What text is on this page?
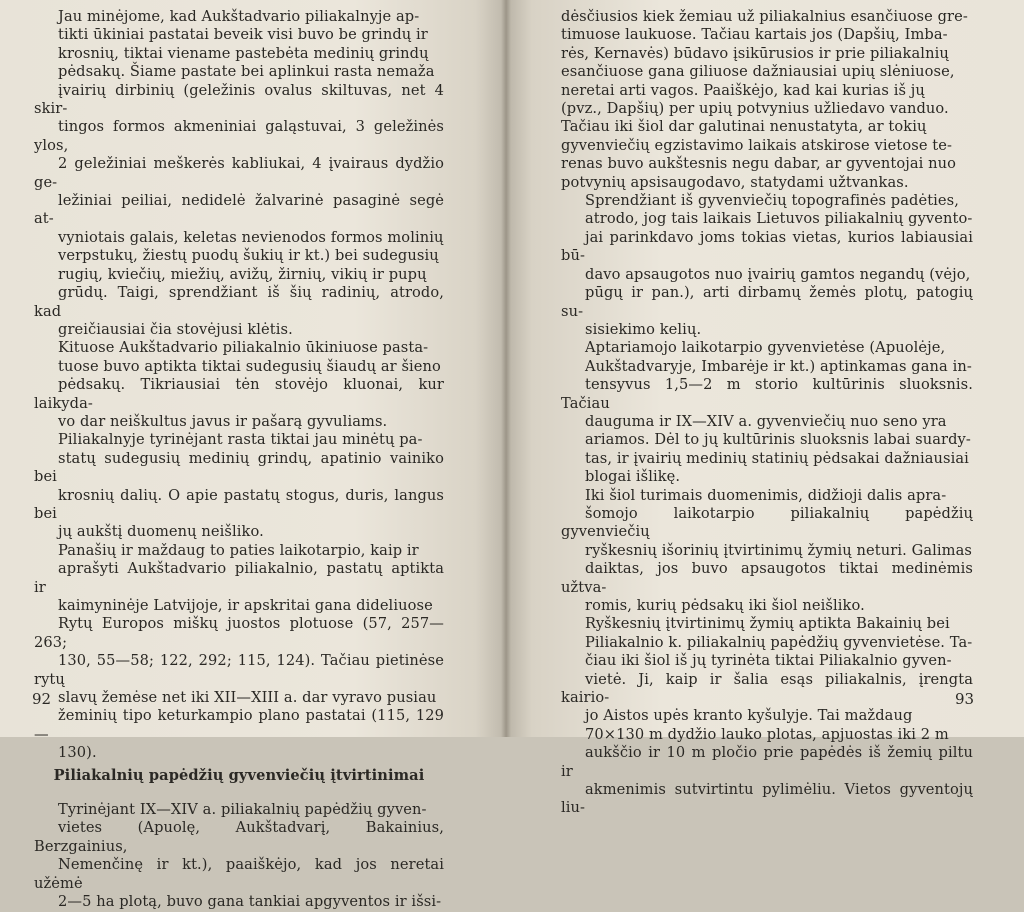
Jau minėjome, kad Aukštadvario piliakalnyje ap-
tikti ūkiniai pastatai beveik visi buvo be grindų ir
krosnių, tiktai viename pastebėta medinių grindų
pėdsakų. Šiame pastate bei aplinkui rasta nemaža
įvairių dirbinių (geležinis ovalus skiltuvas, net 4 skir-
tingos formos akmeniniai galąstuvai, 3 geležinės ylos,
2 geležiniai meškerės kabliukai, 4 įvairaus dydžio ge-
ležiniai peiliai, nedidelė žalvarinė pasaginė segė at-
vyniotais galais, keletas nevienodos formos molinių
verpstukų, žiestų puodų šukių ir kt.) bei sudegusių
rugių, kviečių, miežių, avižų, žirnių, vikių ir pupų
grūdų. Taigi, sprendžiant iš šių radinių, atrodo, kad
greičiausiai čia stovėjusi klėtis.

Kituose Aukštadvario piliakalnio ūkiniuose pasta-
tuose buvo aptikta tiktai sudegusių šiaudų ar šieno
pėdsakų. Tikriausiai tėn stovėjo kluonai, kur laikyda-
vo dar neiškultus javus ir pašarą gyvuliams.

Piliakalnyje tyrinėjant rasta tiktai jau minėtų pa-
statų sudegusių medinių grindų, apatinio vainiko bei
krosnių dalių. O apie pastatų stogus, duris, langus bei
jų aukštį duomenų neišliko.

Panašių ir maždaug to paties laikotarpio, kaip ir
aprašyti Aukštadvario piliakalnio, pastatų aptikta ir
kaimyninėje Latvijoje, ir apskritai gana dideliuose
Rytų Europos miškų juostos plotuose (57, 257—263;
130, 55—58; 122, 292; 115, 124). Tačiau pietinėse rytų
slavų žemėse net iki XII—XIII a. dar vyravo pusiau
žeminių tipo keturkampio plano pastatai (115, 129—
130).

Piliakalnių papėdžių gyvenviečių įtvirtinimai

Tyrinėjant IX—XIV a. piliakalnių papėdžių gyven-
vietes (Apuolę, Aukštadvarį, Bakainius, Berzgainius,
Nemenčinę ir kt.), paaiškėjo, kad jos neretai užėmė
2—5 ha plotą, buvo gana tankiai apgyventos ir išsi-

92

dėsčiusios kiek žemiau už piliakalnius esančiuose gre-
timuose laukuose. Tačiau kartais jos (Dapšių, Imba-
rės, Kernavės) būdavo įsikūrusios ir prie piliakalnių
esančiuose gana giliuose dažniausiai upių slėniuose,
neretai arti vagos. Paaiškėjo, kad kai kurias iš jų
(pvz., Dapšių) per upių potvynius užliedavo vanduo.
Tačiau iki šiol dar galutinai nenustatyta, ar tokių
gyvenviečių egzistavimo laikais atskirose vietose te-
renas buvo aukštesnis negu dabar, ar gyventojai nuo
potvynių apsisaugodavo, statydami užtvankas.

Sprendžiant iš gyvenviečių topografinės padėties,
atrodo, jog tais laikais Lietuvos piliakalnių gyvento-
jai parinkdavo joms tokias vietas, kurios labiausiai bū-
davo apsaugotos nuo įvairių gamtos negandų (vėjo,
pūgų ir pan.), arti dirbamų žemės plotų, patogių su-
sisiekimo kelių.

Aptariamojo laikotarpio gyvenvietėse (Apuolėje,
Aukštadvaryje, Imbarėje ir kt.) aptinkamas gana in-
tensyvus 1,5—2 m storio kultūrinis sluoksnis. Tačiau
dauguma ir IX—XIV a. gyvenviečių nuo seno yra
ariamos. Dėl to jų kultūrinis sluoksnis labai suardy-
tas, ir įvairių medinių statinių pėdsakai dažniausiai
blogai išlikę.

Iki šiol turimais duomenimis, didžioji dalis apra-
šomojo laikotarpio piliakalnių papėdžių gyvenviečių
ryškesnių išorinių įtvirtinimų žymių neturi. Galimas
daiktas, jos buvo apsaugotos tiktai medinėmis užtva-
romis, kurių pėdsakų iki šiol neišliko.

Ryškesnių įtvirtinimų žymių aptikta Bakainių bei
Piliakalnio k. piliakalnių papėdžių gyvenvietėse. Ta-
čiau iki šiol iš jų tyrinėta tiktai Piliakalnio gyven-
vietė. Ji, kaip ir šalia esąs piliakalnis, įrengta kairio-
jo Aistos upės kranto kyšulyje. Tai maždaug
70×130 m dydžio lauko plotas, apjuostas iki 2 m
aukščio ir 10 m pločio prie papėdės iš žemių piltu ir
akmenimis sutvirtintu pylimėliu. Vietos gyventojų liu-

93
